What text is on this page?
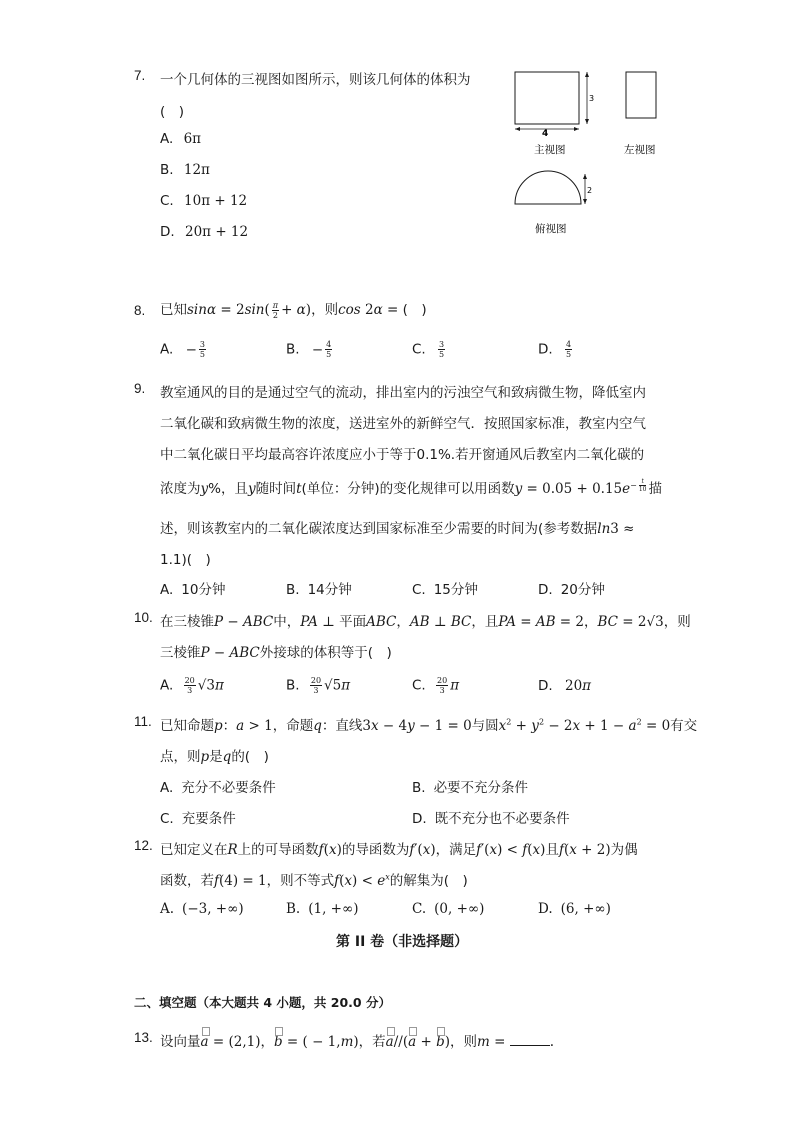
7. 一个几何体的三视图如图所示，则该几何体的体积为
(　)
A. 6π
B. 12π
C. 10π + 12
D. 20π + 12
3
4
主视图	左视图
2
俯视图
8. 已知$\sin\alpha = 2\sin( \frac{\pi}{2} + \alpha)$，则cos 2α = (　)
A. − $\frac{3}{5}$	B. − $\frac{4}{5}$	C. $\frac{3}{5}$	D. $\frac{4}{5}$
9. 教室通风的目的是通过空气的流动，排出室内的污浊空气和致病微生物，降低室内
二氧化碳和致病微生物的浓度，送进室外的新鲜空气．按照国家标准，教室内空气
中二氧化碳日平均最高容许浓度应小于等于0.1%.若开窗通风后教室内二氧化碳的
浓度为y%，且y随时间t(单位：分钟)的变化规律可以用函数$y = 0.05 + 0.15e^{- \frac{t}{10}}$ 描
述，则该教室内的二氧化碳浓度达到国家标准至少需要的时间为(参考数据ln3 ≈
1.1)(　)
A. 10分钟	B. 14分钟	C. 15分钟	D. 20分钟
10. 在三棱锥P − ABC中，PA ⊥ 平面ABC，AB ⊥ BC，且PA = AB = 2，BC = 2√3，则
三棱锥P − ABC外接球的体积等于(　)
A. $\frac{20}{3} √3\pi$	B. $\frac{20}{3} √5\pi$	C. $\frac{20}{3}$ π	D. 20π
11. 已知命题p：a > 1，命题q：直线3x − 4y − 1 = 0与圆$x^2 + y^2 - 2x + 1 - a^2 = 0$有交
点，则p是q的(　)
A. 充分不必要条件	B. 必要不充分条件
C. 充要条件	D. 既不充分也不必要条件
12. 已知定义在R上的可导函数f(x)的导函数为f′(x)，满足f′(x) < f(x)且f(x + 2)为偶
函数，若f(4) = 1，则不等式$f(x) < e^x$的解集为(　)
A. (−3, +∞)	B. (1, +∞)	C. (0, +∞)	D. (6, +∞)
第 II 卷（非选择题）
二、填空题（本大题共 4 小题，共 20.0 分）
13. 设向量
a = (2,1)，
b = ( − 1,m)，若
a//(
a +
b)，则m =	.
